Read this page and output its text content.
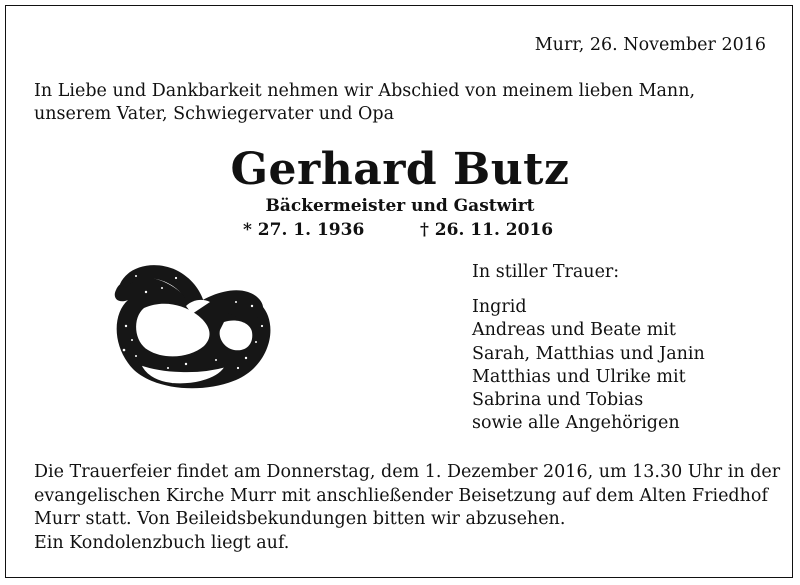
Murr, 26. November 2016
In Liebe und Dankbarkeit nehmen wir Abschied von meinem lieben Mann,
unserem Vater, Schwiegervater und Opa
Gerhard Butz
Bäckermeister und Gastwirt
* 27. 1. 1936	† 26. 11. 2016
In stiller Trauer:
Ingrid
Andreas und Beate mit
Sarah, Matthias und Janin
Matthias und Ulrike mit
Sabrina und Tobias
sowie alle Angehörigen
Die Trauerfeier findet am Donnerstag, dem 1. Dezember 2016, um 13.30 Uhr in der
evangelischen Kirche Murr mit anschließender Beisetzung auf dem Alten Friedhof
Murr statt. Von Beileidsbekundungen bitten wir abzusehen.
Ein Kondolenzbuch liegt auf.
